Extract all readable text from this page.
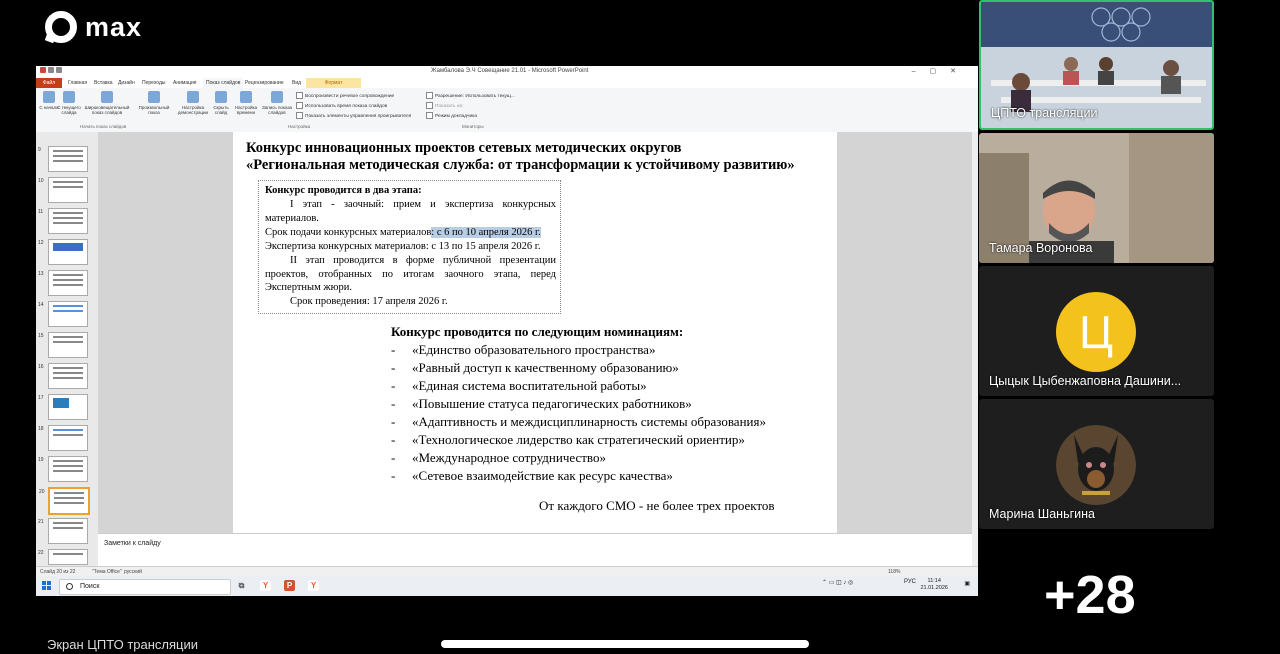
max
Жамбалова Э.Ч Совещание 21.01 - Microsoft PowerPoint	–▢✕
Файл	Главная Вставка Дизайн Переходы Анимация	Показ слайдов Рецензирование Вид	Формат
С начала
С текущего слайда
Широковещательный показ слайдов
Произвольный показ
Настройка демонстрации
Скрыть слайд
Настройка времени
Запись показа слайдов
Воспроизвести речевое сопровождение
Использовать время показа слайдов
Показать элементы управления проигрывателя
Разрешение: Использовать текущ...
Показать на:
Режим докладчика
Начать показ слайдов	Настройка	Мониторы
9
10
11
12
13
14
15
16
17
18
19
20
21
22
Конкурс инновационных проектов сетевых методических округов
«Региональная методическая служба: от трансформации к устойчивому развитию»
Конкурс проводится в два этапа:
I этап - заочный: прием и экспертиза конкурсных материалов.
Срок подачи конкурсных материалов: с 6 по 10 апреля 2026 г.
Экспертиза конкурсных материалов: с 13 по 15 апреля 2026 г.
II этап проводится в форме публичной презентации проектов, отобранных по итогам заочного этапа, перед Экспертным жюри.
Срок проведения: 17 апреля 2026 г.
Конкурс проводится по следующим номинациям:
- «Единство образовательного пространства»
- «Равный доступ к качественному образованию»
- «Единая система воспитательной работы»
- «Повышение статуса педагогических работников»
- «Адаптивность и междисциплинарность системы образования»
- «Технологическое лидерство как стратегический ориентир»
- «Международное сотрудничество»
- «Сетевое взаимодействие как ресурс качества»
От каждого СМО - не более трех проектов
Заметки к слайду
Слайд 20 из 22	"Тема Office" русский	118%
Поиск	⧉	Y	P	Y	⌃ ▭ ◫ ♪ ◎	РУС	11:14
21.01.2026
▣
ЦПТО трансляции
Тамара Воронова
Ц
Цыцык Цыбенжаповна Дашини...
Марина Шаньгина
+28
Экран ЦПТО трансляции
